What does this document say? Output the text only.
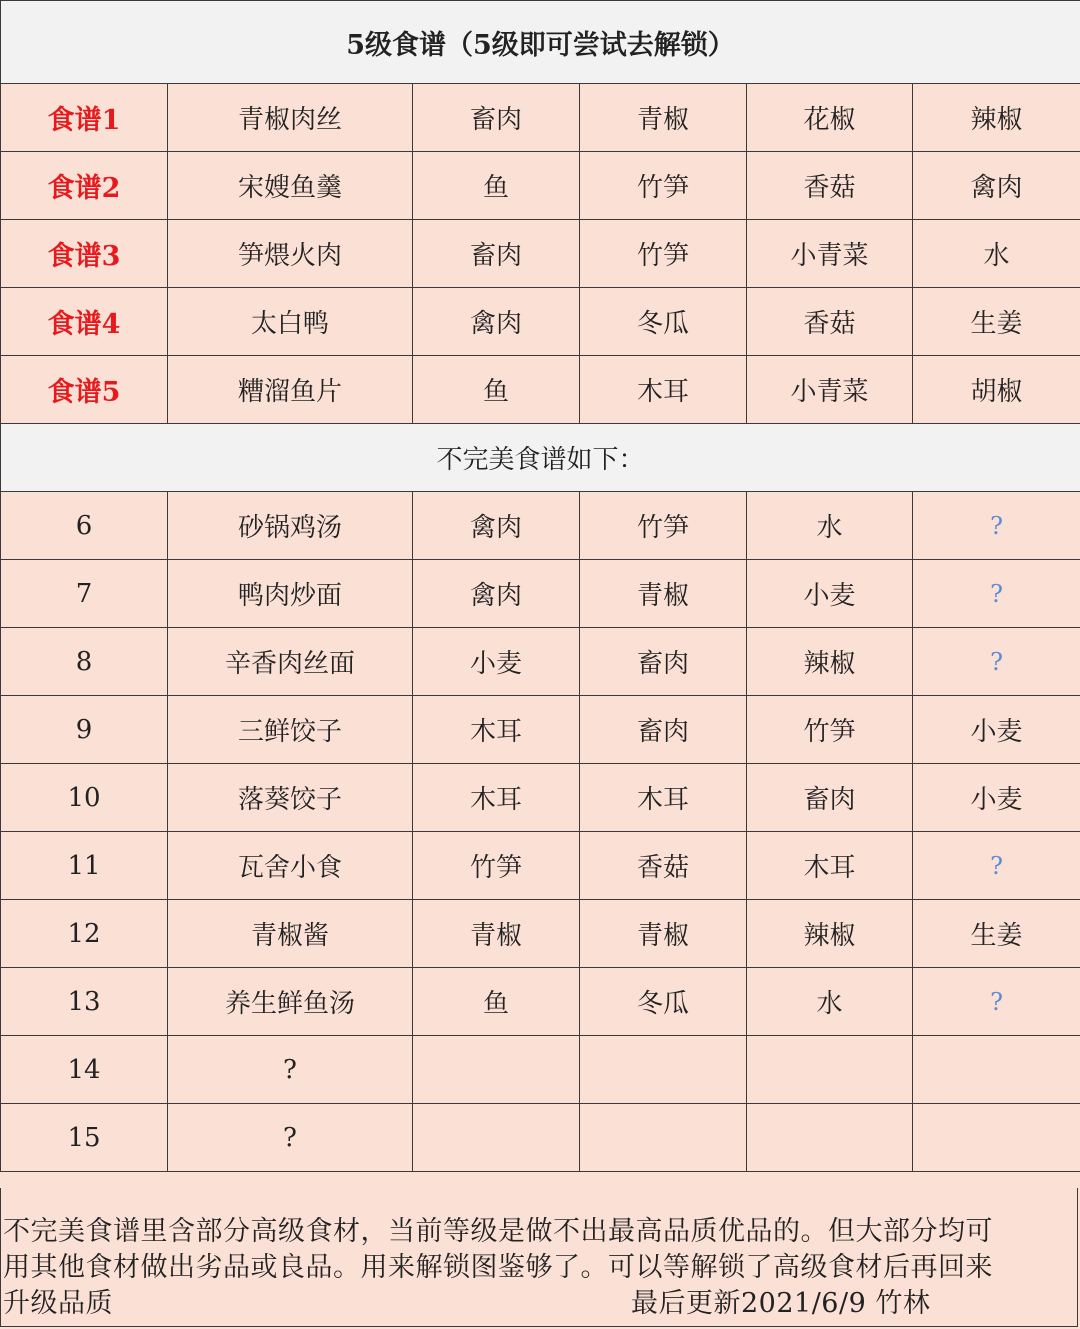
5级食谱（5级即可尝试去解锁）					
食谱1	青椒肉丝	畜肉	青椒	花椒	辣椒
食谱2	宋嫂鱼羹	鱼	竹笋	香菇	禽肉
食谱3	笋煨火肉	畜肉	竹笋	小青菜	水
食谱4	太白鸭	禽肉	冬瓜	香菇	生姜
食谱5	糟溜鱼片	鱼	木耳	小青菜	胡椒
不完美食谱如下：					
6	砂锅鸡汤	禽肉	竹笋	水	?
7	鸭肉炒面	禽肉	青椒	小麦	?
8	辛香肉丝面	小麦	畜肉	辣椒	?
9	三鲜饺子	木耳	畜肉	竹笋	小麦
10	落葵饺子	木耳	木耳	畜肉	小麦
11	瓦舍小食	竹笋	香菇	木耳	?
12	青椒酱	青椒	青椒	辣椒	生姜
13	养生鲜鱼汤	鱼	冬瓜	水	?
14	?				
15	?				
不完美食谱里含部分高级食材，当前等级是做不出最高品质优品的。但大部分均可
用其他食材做出劣品或良品。用来解锁图鉴够了。可以等解锁了高级食材后再回来
升级品质	最后更新2021/6/9 竹林
